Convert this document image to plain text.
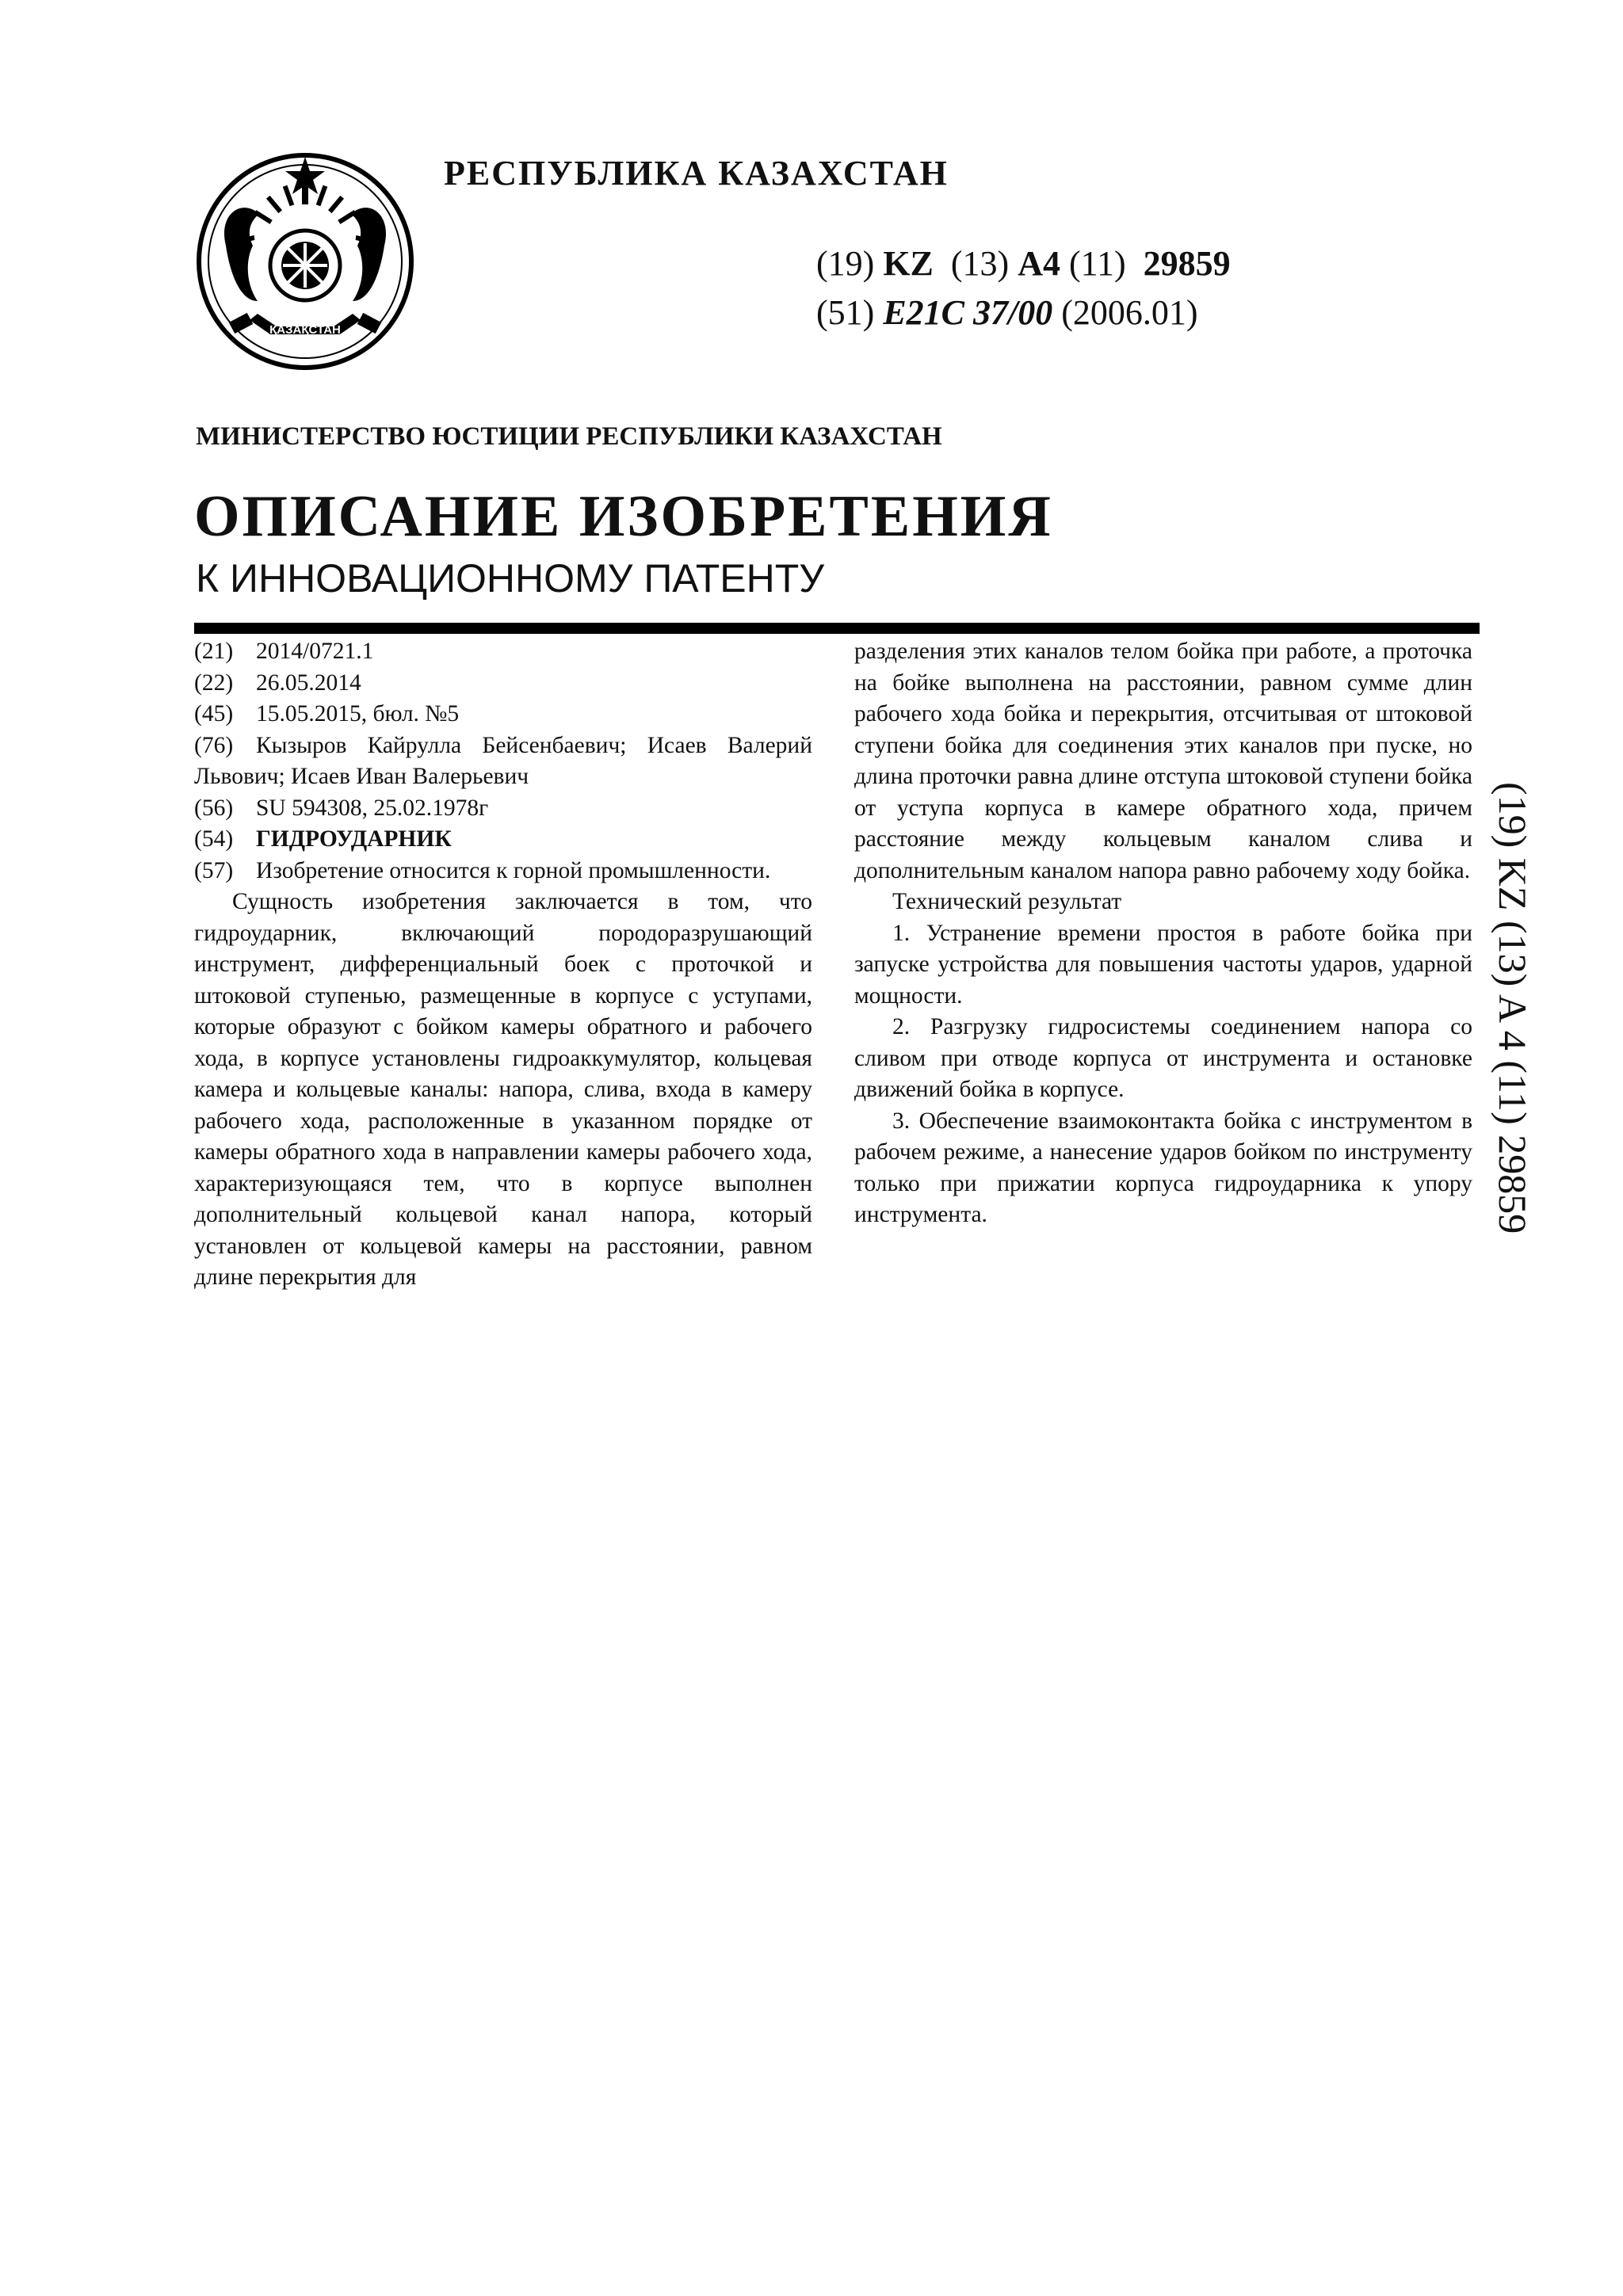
ҚАЗАҚСТАН
РЕСПУБЛИКА КАЗАХСТАН
(19) KZ (13) A4 (11) 29859
(51) E21C 37/00 (2006.01)
МИНИСТЕРСТВО ЮСТИЦИИ РЕСПУБЛИКИ КАЗАХСТАН
ОПИСАНИЕ ИЗОБРЕТЕНИЯ
К ИННОВАЦИОННОМУ ПАТЕНТУ

(21) 2014/0721.1

(22) 26.05.2014

(45) 15.05.2015, бюл. №5

(76) Кызыров Кайрулла Бейсенбаевич; Исаев Валерий Львович; Исаев Иван Валерьевич

(56) SU 594308, 25.02.1978г

(54) ГИДРОУДАРНИК

(57) Изобретение относится к горной промышленности.

Сущность изобретения заключается в том, что гидроударник, включающий породоразрушающий инструмент, дифференциальный боек с проточкой и штоковой ступенью, размещенные в корпусе с уступами, которые образуют с бойком камеры обратного и рабочего хода, в корпусе установлены гидроаккумулятор, кольцевая камера и кольцевые каналы: напора, слива, входа в камеру рабочего хода, расположенные в указанном порядке от камеры обратного хода в направлении камеры рабочего хода, характеризующаяся тем, что в корпусе выполнен дополнительный кольцевой канал напора, который установлен от кольцевой камеры на расстоянии, равном длине перекрытия для

разделения этих каналов телом бойка при работе, а проточка на бойке выполнена на расстоянии, равном сумме длин рабочего хода бойка и перекрытия, отсчитывая от штоковой ступени бойка для соединения этих каналов при пуске, но длина проточки равна длине отступа штоковой ступени бойка от уступа корпуса в камере обратного хода, причем расстояние между кольцевым каналом слива и дополнительным каналом напора равно рабочему ходу бойка.

Технический результат

1. Устранение времени простоя в работе бойка при запуске устройства для повышения частоты ударов, ударной мощности.

2. Разгрузку гидросистемы соединением напора со сливом при отводе корпуса от инструмента и остановке движений бойка в корпусе.

3. Обеспечение взаимоконтакта бойка с инструментом в рабочем режиме, а нанесение ударов бойком по инструменту только при прижатии корпуса гидроударника к упору инструмента.	(19) KZ (13) A 4 (11) 29859
